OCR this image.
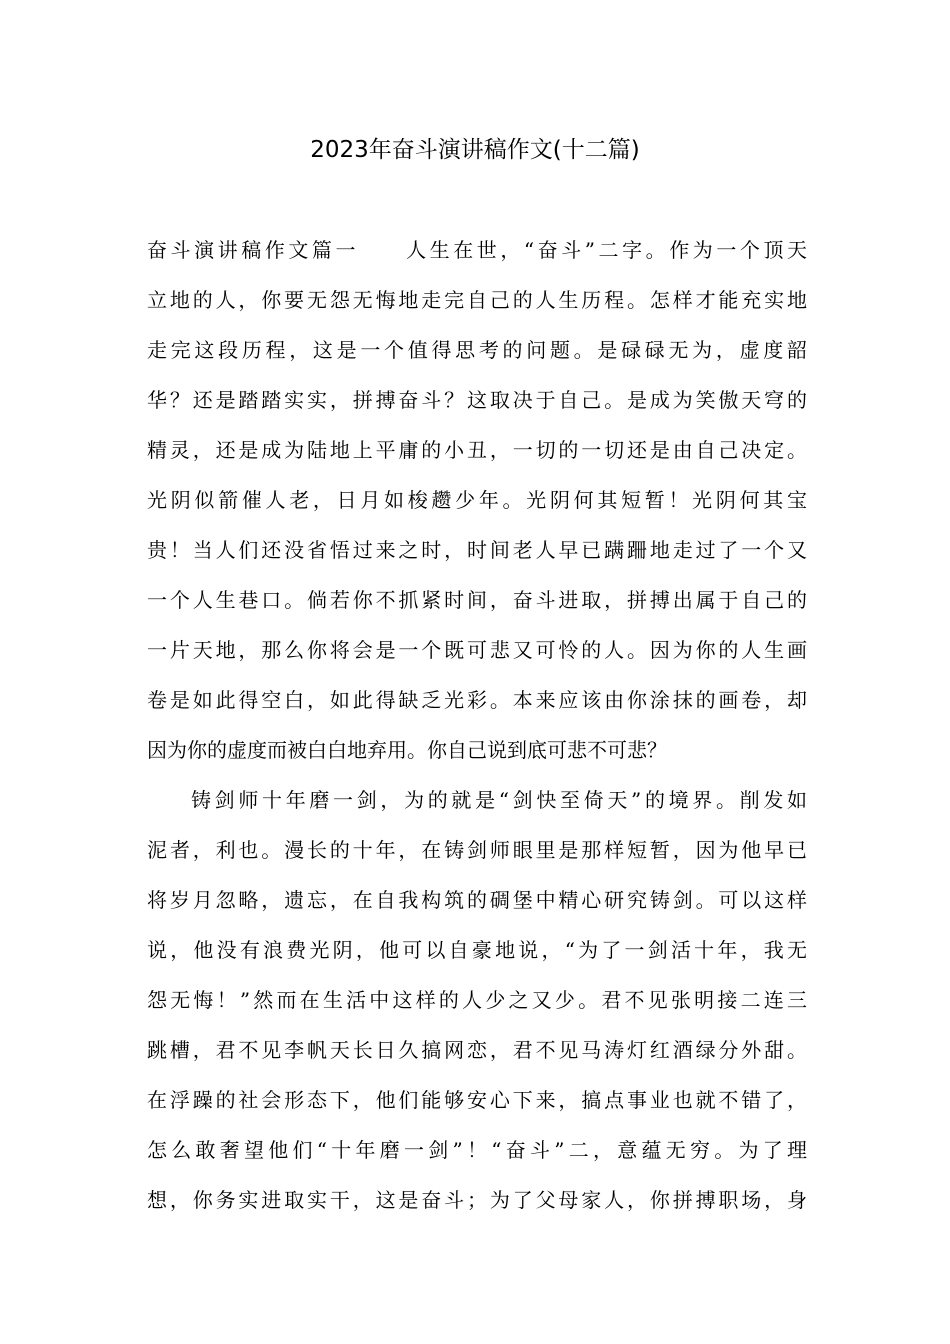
2023年奋斗演讲稿作文(十二篇)
奋斗演讲稿作文篇一　　人生在世，“奋斗”二字。作为一个顶天
立地的人，你要无怨无悔地走完自己的人生历程。怎样才能充实地
走完这段历程，这是一个值得思考的问题。是碌碌无为，虚度韶
华？还是踏踏实实，拼搏奋斗？这取决于自己。是成为笑傲天穹的
精灵，还是成为陆地上平庸的小丑，一切的一切还是由自己决定。
光阴似箭催人老，日月如梭趱少年。光阴何其短暂！光阴何其宝
贵！当人们还没省悟过来之时，时间老人早已蹒跚地走过了一个又
一个人生巷口。倘若你不抓紧时间，奋斗进取，拼搏出属于自己的
一片天地，那么你将会是一个既可悲又可怜的人。因为你的人生画
卷是如此得空白，如此得缺乏光彩。本来应该由你涂抹的画卷，却
因为你的虚度而被白白地弃用。你自己说到底可悲不可悲？
铸剑师十年磨一剑，为的就是“剑快至倚天”的境界。削发如
泥者，利也。漫长的十年，在铸剑师眼里是那样短暂，因为他早已
将岁月忽略，遗忘，在自我构筑的碉堡中精心研究铸剑。可以这样
说，他没有浪费光阴，他可以自豪地说，“为了一剑活十年，我无
怨无悔！”然而在生活中这样的人少之又少。君不见张明接二连三
跳槽，君不见李帆天长日久搞网恋，君不见马涛灯红酒绿分外甜。
在浮躁的社会形态下，他们能够安心下来，搞点事业也就不错了，
怎么敢奢望他们“十年磨一剑”！“奋斗”二，意蕴无穷。为了理
想，你务实进取实干，这是奋斗；为了父母家人，你拼搏职场，身
